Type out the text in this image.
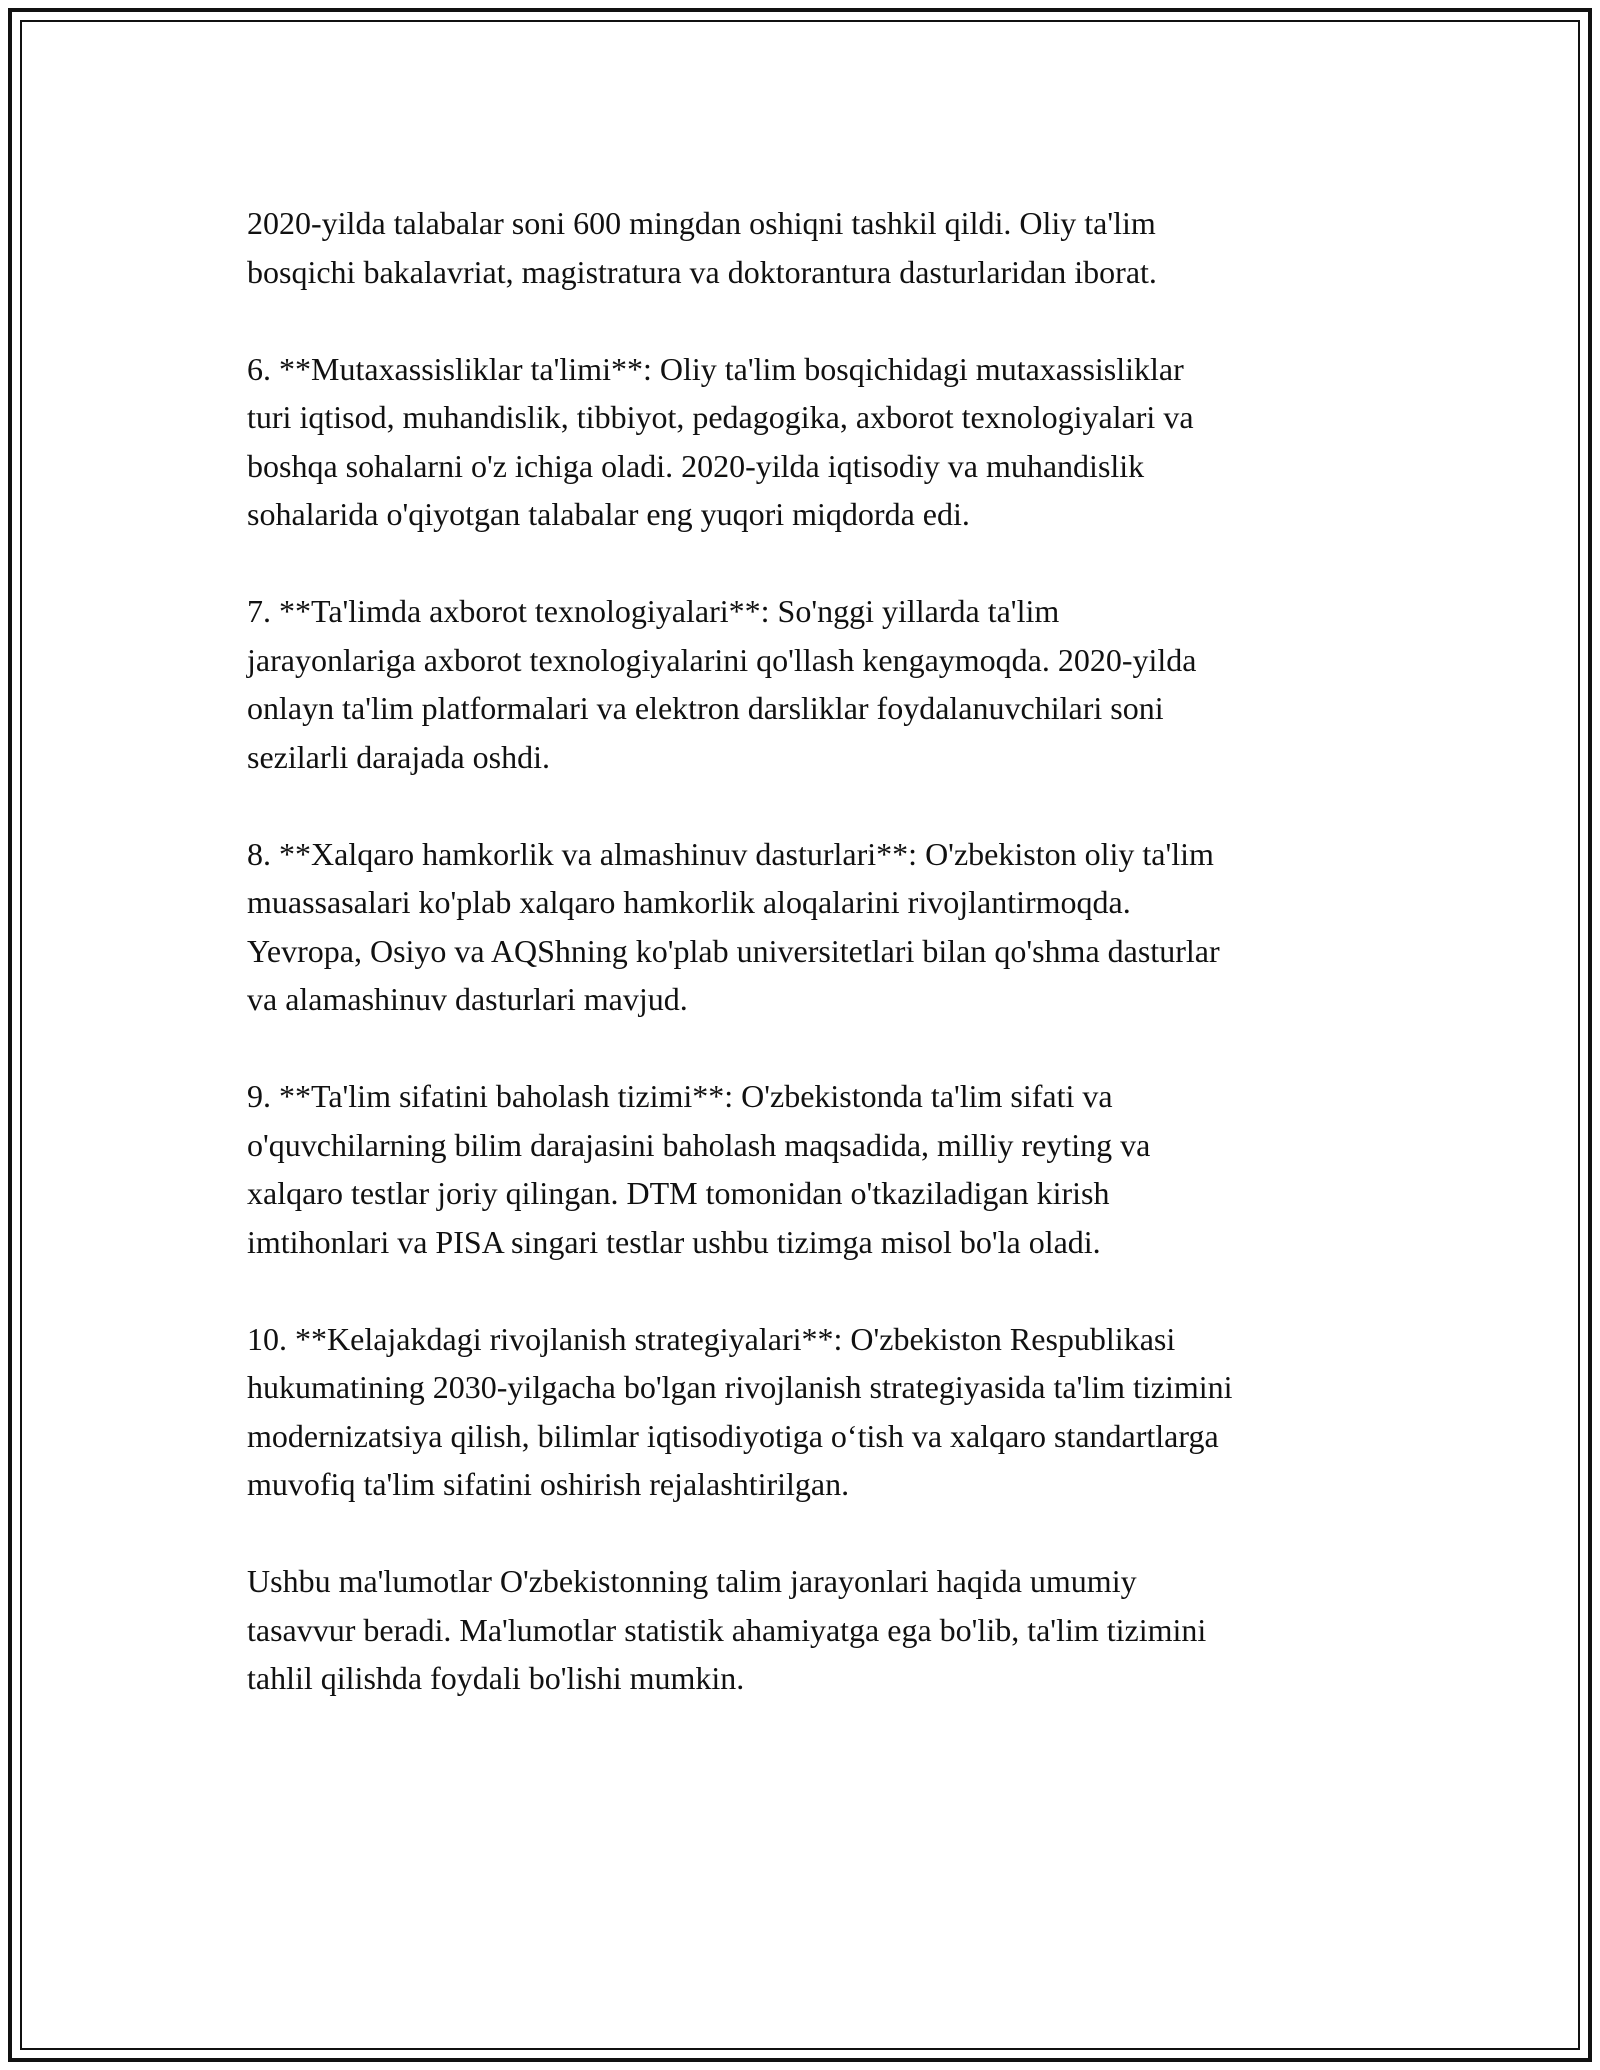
2020-yilda talabalar soni 600 mingdan oshiqni tashkil qildi. Oliy ta'lim
bosqichi bakalavriat, magistratura va doktorantura dasturlaridan iborat.

6. **Mutaxassisliklar ta'limi**: Oliy ta'lim bosqichidagi mutaxassisliklar
turi iqtisod, muhandislik, tibbiyot, pedagogika, axborot texnologiyalari va
boshqa sohalarni o'z ichiga oladi. 2020-yilda iqtisodiy va muhandislik
sohalarida o'qiyotgan talabalar eng yuqori miqdorda edi.

7. **Ta'limda axborot texnologiyalari**: So'nggi yillarda ta'lim
jarayonlariga axborot texnologiyalarini qo'llash kengaymoqda. 2020-yilda
onlayn ta'lim platformalari va elektron darsliklar foydalanuvchilari soni
sezilarli darajada oshdi.

8. **Xalqaro hamkorlik va almashinuv dasturlari**: O'zbekiston oliy ta'lim
muassasalari ko'plab xalqaro hamkorlik aloqalarini rivojlantirmoqda.
Yevropa, Osiyo va AQShning ko'plab universitetlari bilan qo'shma dasturlar
va alamashinuv dasturlari mavjud.

9. **Ta'lim sifatini baholash tizimi**: O'zbekistonda ta'lim sifati va
o'quvchilarning bilim darajasini baholash maqsadida, milliy reyting va
xalqaro testlar joriy qilingan. DTM tomonidan o'tkaziladigan kirish
imtihonlari va PISA singari testlar ushbu tizimga misol bo'la oladi.

10. **Kelajakdagi rivojlanish strategiyalari**: O'zbekiston Respublikasi
hukumatining 2030-yilgacha bo'lgan rivojlanish strategiyasida ta'lim tizimini
modernizatsiya qilish, bilimlar iqtisodiyotiga o‘tish va xalqaro standartlarga
muvofiq ta'lim sifatini oshirish rejalashtirilgan.

Ushbu ma'lumotlar O'zbekistonning talim jarayonlari haqida umumiy
tasavvur beradi. Ma'lumotlar statistik ahamiyatga ega bo'lib, ta'lim tizimini
tahlil qilishda foydali bo'lishi mumkin.
